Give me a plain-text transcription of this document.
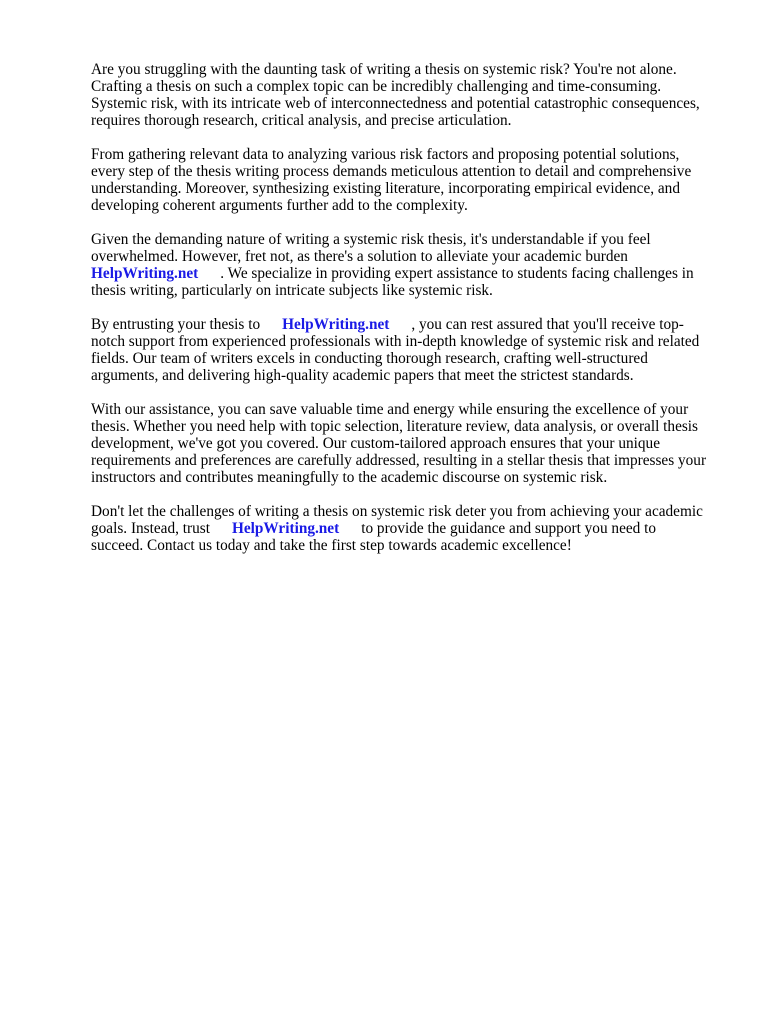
Are you struggling with the daunting task of writing a thesis on systemic risk? You're not alone.
Crafting a thesis on such a complex topic can be incredibly challenging and time-consuming.
Systemic risk, with its intricate web of interconnectedness and potential catastrophic consequences,
requires thorough research, critical analysis, and precise articulation.

From gathering relevant data to analyzing various risk factors and proposing potential solutions,
every step of the thesis writing process demands meticulous attention to detail and comprehensive
understanding. Moreover, synthesizing existing literature, incorporating empirical evidence, and
developing coherent arguments further add to the complexity.

Given the demanding nature of writing a systemic risk thesis, it's understandable if you feel
overwhelmed. However, fret not, as there's a solution to alleviate your academic burden
HelpWriting.net . We specialize in providing expert assistance to students facing challenges in
thesis writing, particularly on intricate subjects like systemic risk.

By entrusting your thesis to HelpWriting.net , you can rest assured that you'll receive top-
notch support from experienced professionals with in-depth knowledge of systemic risk and related
fields. Our team of writers excels in conducting thorough research, crafting well-structured
arguments, and delivering high-quality academic papers that meet the strictest standards.

With our assistance, you can save valuable time and energy while ensuring the excellence of your
thesis. Whether you need help with topic selection, literature review, data analysis, or overall thesis
development, we've got you covered. Our custom-tailored approach ensures that your unique
requirements and preferences are carefully addressed, resulting in a stellar thesis that impresses your
instructors and contributes meaningfully to the academic discourse on systemic risk.

Don't let the challenges of writing a thesis on systemic risk deter you from achieving your academic
goals. Instead, trust HelpWriting.net to provide the guidance and support you need to
succeed. Contact us today and take the first step towards academic excellence!
